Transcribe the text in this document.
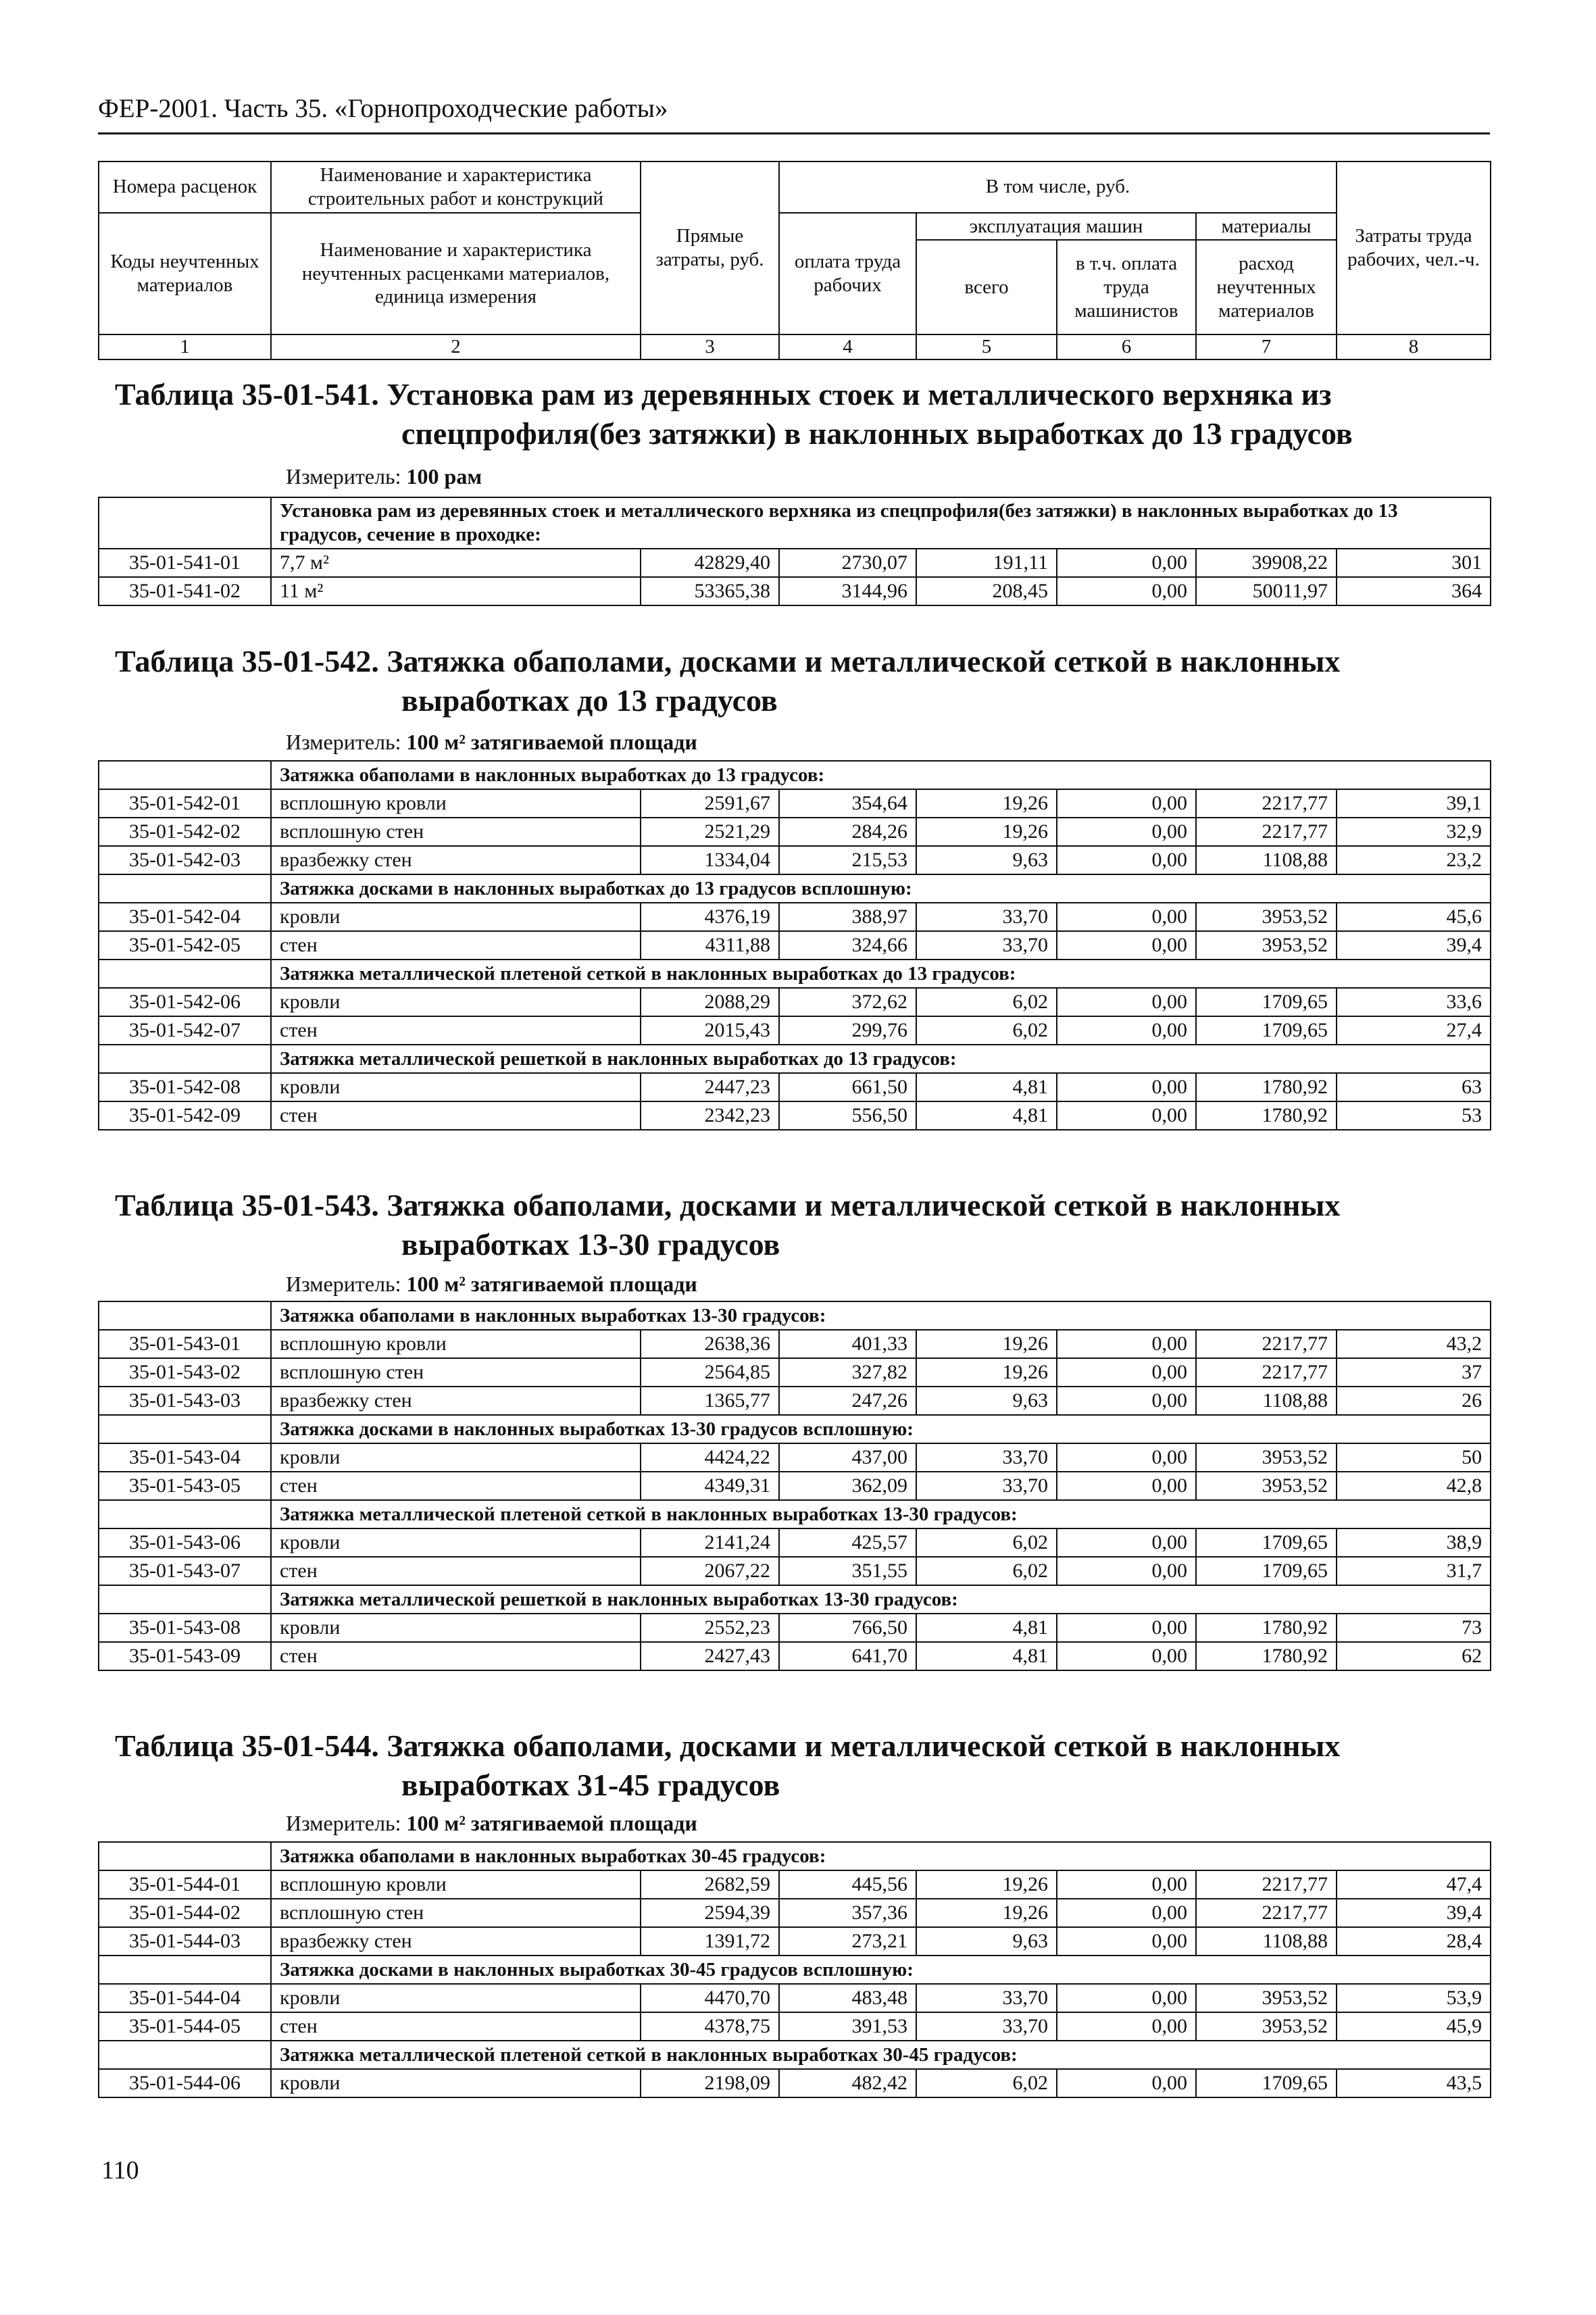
ФЕР-2001. Часть 35. «Горнопроходческие работы»
Номера расценок	Наименование и характеристика строительных работ и конструкций	Прямые затраты, руб.	В том числе, руб.				Затраты труда рабочих, чел.-ч.
Коды неучтенных материалов	Наименование и характеристика неучтенных расценками материалов, единица измерения		оплата труда рабочих	эксплуатация машин		материалы	
				всего	в т.ч. оплата труда машинистов	расход неучтенных материалов	

1	2	3	4	5	6	7	8
Таблица 35-01-541. Установка рам из деревянных стоек и металлического верхняка из
спецпрофиля(без затяжки) в наклонных выработках до 13 градусов
Измеритель: 100 рам
	Установка рам из деревянных стоек и металлического верхняка из спецпрофиля(без затяжки) в наклонных выработках до 13 градусов, сечение в проходке:						
35-01-541-01	7,7 м²	42829,40	2730,07	191,11	0,00	39908,22	301
35-01-541-02	11 м²	53365,38	3144,96	208,45	0,00	50011,97	364
Таблица 35-01-542. Затяжка обаполами, досками и металлической сеткой в наклонных
выработках до 13 градусов
Измеритель: 100 м² затягиваемой площади
	Затяжка обаполами в наклонных выработках до 13 градусов:						
35-01-542-01	всплошную кровли	2591,67	354,64	19,26	0,00	2217,77	39,1
35-01-542-02	всплошную стен	2521,29	284,26	19,26	0,00	2217,77	32,9
35-01-542-03	вразбежку стен	1334,04	215,53	9,63	0,00	1108,88	23,2
	Затяжка досками в наклонных выработках до 13 градусов всплошную:						
35-01-542-04	кровли	4376,19	388,97	33,70	0,00	3953,52	45,6
35-01-542-05	стен	4311,88	324,66	33,70	0,00	3953,52	39,4
	Затяжка металлической плетеной сеткой в наклонных выработках до 13 градусов:						
35-01-542-06	кровли	2088,29	372,62	6,02	0,00	1709,65	33,6
35-01-542-07	стен	2015,43	299,76	6,02	0,00	1709,65	27,4
	Затяжка металлической решеткой в наклонных выработках до 13 градусов:						
35-01-542-08	кровли	2447,23	661,50	4,81	0,00	1780,92	63
35-01-542-09	стен	2342,23	556,50	4,81	0,00	1780,92	53
Таблица 35-01-543. Затяжка обаполами, досками и металлической сеткой в наклонных
выработках 13-30 градусов
Измеритель: 100 м² затягиваемой площади
	Затяжка обаполами в наклонных выработках 13-30 градусов:						
35-01-543-01	всплошную кровли	2638,36	401,33	19,26	0,00	2217,77	43,2
35-01-543-02	всплошную стен	2564,85	327,82	19,26	0,00	2217,77	37
35-01-543-03	вразбежку стен	1365,77	247,26	9,63	0,00	1108,88	26
	Затяжка досками в наклонных выработках 13-30 градусов всплошную:						
35-01-543-04	кровли	4424,22	437,00	33,70	0,00	3953,52	50
35-01-543-05	стен	4349,31	362,09	33,70	0,00	3953,52	42,8
	Затяжка металлической плетеной сеткой в наклонных выработках 13-30 градусов:						
35-01-543-06	кровли	2141,24	425,57	6,02	0,00	1709,65	38,9
35-01-543-07	стен	2067,22	351,55	6,02	0,00	1709,65	31,7
	Затяжка металлической решеткой в наклонных выработках 13-30 градусов:						
35-01-543-08	кровли	2552,23	766,50	4,81	0,00	1780,92	73
35-01-543-09	стен	2427,43	641,70	4,81	0,00	1780,92	62
Таблица 35-01-544. Затяжка обаполами, досками и металлической сеткой в наклонных
выработках 31-45 градусов
Измеритель: 100 м² затягиваемой площади
	Затяжка обаполами в наклонных выработках 30-45 градусов:						
35-01-544-01	всплошную кровли	2682,59	445,56	19,26	0,00	2217,77	47,4
35-01-544-02	всплошную стен	2594,39	357,36	19,26	0,00	2217,77	39,4
35-01-544-03	вразбежку стен	1391,72	273,21	9,63	0,00	1108,88	28,4
	Затяжка досками в наклонных выработках 30-45 градусов всплошную:						
35-01-544-04	кровли	4470,70	483,48	33,70	0,00	3953,52	53,9
35-01-544-05	стен	4378,75	391,53	33,70	0,00	3953,52	45,9
	Затяжка металлической плетеной сеткой в наклонных выработках 30-45 градусов:						
35-01-544-06	кровли	2198,09	482,42	6,02	0,00	1709,65	43,5
110
